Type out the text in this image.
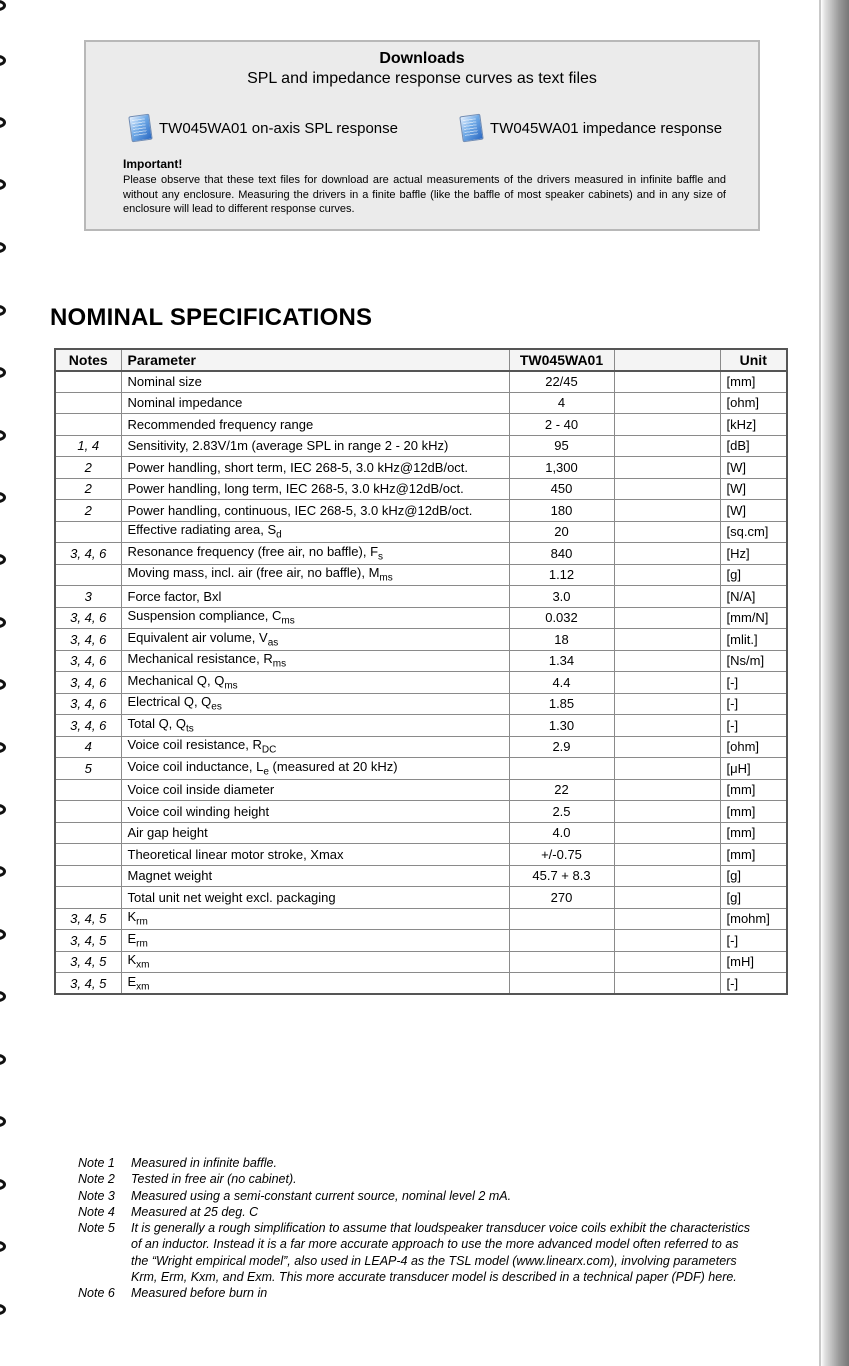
Downloads
SPL and impedance response curves as text files
TW045WA01 on-axis SPL response	TW045WA01 impedance response
Important!
Please observe that these text files for download are actual measurements of the drivers measured in infinite baffle and without any enclosure. Measuring the drivers in a finite baffle (like the baffle of most speaker cabinets) and in any size of enclosure will lead to different response curves.
NOMINAL SPECIFICATIONS
Notes	Parameter	TW045WA01		Unit
	Nominal size	22/45		[mm]
	Nominal impedance	4		[ohm]
	Recommended frequency range	2 - 40		[kHz]
1, 4	Sensitivity, 2.83V/1m (average SPL in range 2 - 20 kHz)	95		[dB]
2	Power handling, short term, IEC 268-5, 3.0 kHz@12dB/oct.	1,300		[W]
2	Power handling, long term, IEC 268-5, 3.0 kHz@12dB/oct.	450		[W]
2	Power handling, continuous, IEC 268-5, 3.0 kHz@12dB/oct.	180		[W]
	Effective radiating area, $S_d$	20		[sq.cm]
3, 4, 6	Resonance frequency (free air, no baffle), $F_s$	840		[Hz]
	Moving mass, incl. air (free air, no baffle), $M_{ms}$	1.12		[g]
3	Force factor, Bxl	3.0		[N/A]
3, 4, 6	Suspension compliance, $C_{ms}$	0.032		[mm/N]
3, 4, 6	Equivalent air volume, $V_{as}$	18		[mlit.]
3, 4, 6	Mechanical resistance, $R_{ms}$	1.34		[Ns/m]
3, 4, 6	Mechanical Q, $Q_{ms}$	4.4		[-]
3, 4, 6	Electrical Q, $Q_{es}$	1.85		[-]
3, 4, 6	Total Q, $Q_{ts}$	1.30		[-]
4	Voice coil resistance, $R_{DC}$	2.9		[ohm]
5	Voice coil inductance, $L_e$ (measured at 20 kHz)			[μH]
	Voice coil inside diameter	22		[mm]
	Voice coil winding height	2.5		[mm]
	Air gap height	4.0		[mm]
	Theoretical linear motor stroke, Xmax	+/-0.75		[mm]
	Magnet weight	45.7 + 8.3		[g]
	Total unit net weight excl. packaging	270		[g]
3, 4, 5	$K_{rm}$			[mohm]
3, 4, 5	$E_{rm}$			[-]
3, 4, 5	$K_{xm}$			[mH]
3, 4, 5	$E_{xm}$			[-]
Note 1	Measured in infinite baffle.
Note 2	Tested in free air (no cabinet).
Note 3	Measured using a semi-constant current source, nominal level 2 mA.
Note 4	Measured at 25 deg. C
Note 5	It is generally a rough simplification to assume that loudspeaker transducer voice coils exhibit the characteristics of an inductor. Instead it is a far more accurate approach to use the more advanced model often referred to as the “Wright empirical model”, also used in LEAP-4 as the TSL model (www.linearx.com), involving parameters Krm, Erm, Kxm, and Exm. This more accurate transducer model is described in a technical paper (PDF) here.
Note 6	Measured before burn in
